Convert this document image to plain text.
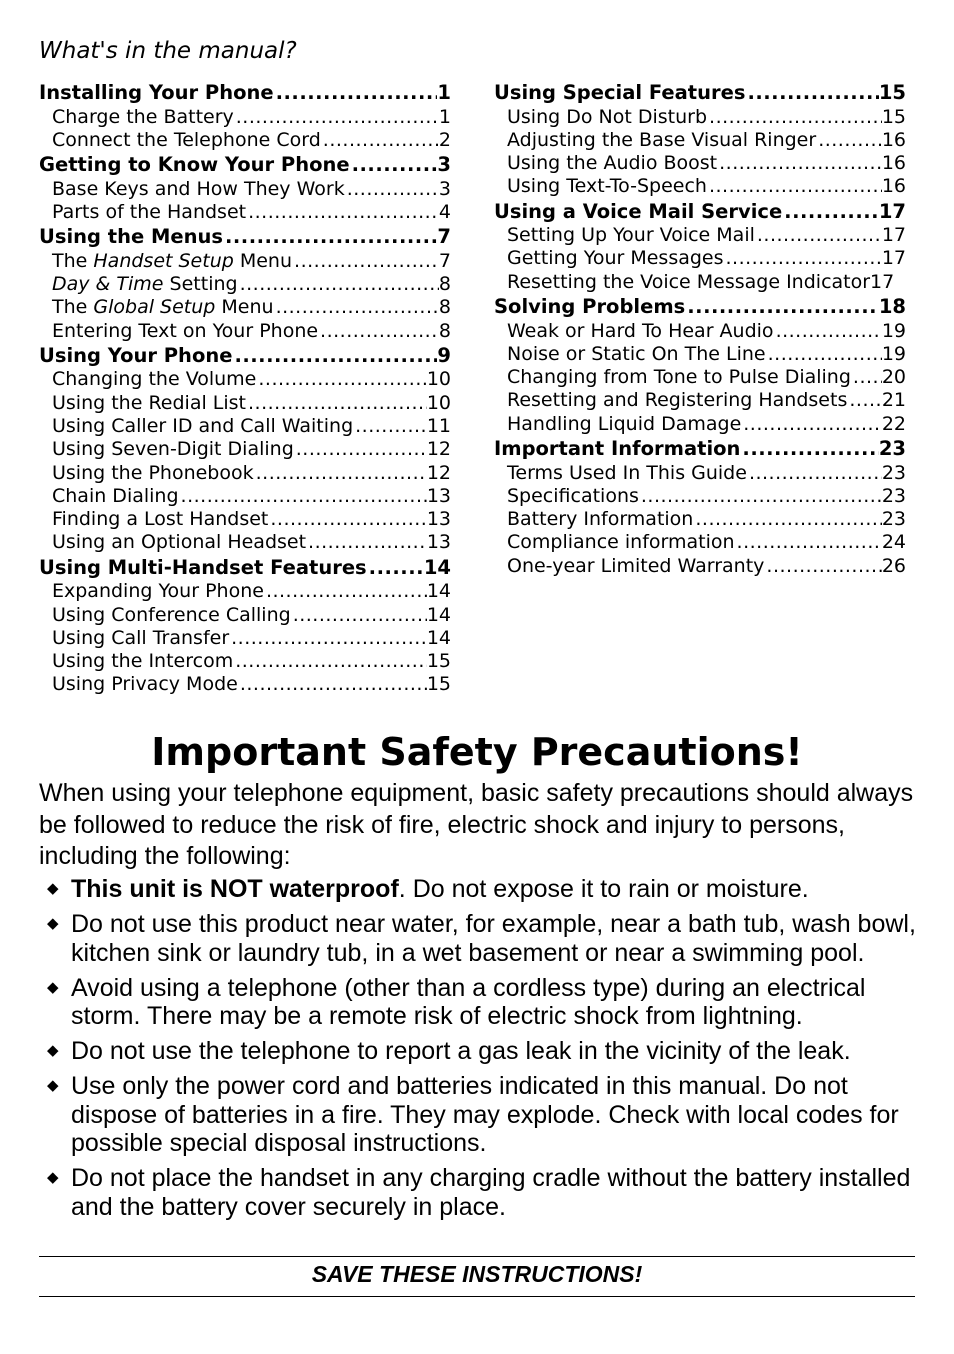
What's in the manual?
Installing Your Phone .....	1
Charge the Battery .....	1
Connect the Telephone Cord .....	2
Getting to Know Your Phone .....	3
Base Keys and How They Work .....	3
Parts of the Handset .....	4
Using the Menus .....	7
The Handset Setup Menu .....	7
Day & Time Setting .....	8
The Global Setup Menu .....	8
Entering Text on Your Phone .....	8
Using Your Phone .....	9
Changing the Volume .....	10
Using the Redial List .....	10
Using Caller ID and Call Waiting .....	11
Using Seven-Digit Dialing .....	12
Using the Phonebook .....	12
Chain Dialing .....	13
Finding a Lost Handset .....	13
Using an Optional Headset .....	13
Using Multi-Handset Features .....	14
Expanding Your Phone .....	14
Using Conference Calling .....	14
Using Call Transfer .....	14
Using the Intercom .....	15
Using Privacy Mode .....	15
Using Special Features .....	15
Using Do Not Disturb .....	15
Adjusting the Base Visual Ringer .....	16
Using the Audio Boost .....	16
Using Text-To-Speech .....	16
Using a Voice Mail Service .....	17
Setting Up Your Voice Mail .....	17
Getting Your Messages .....	17
Resetting the Voice Message Indicator 17
Solving Problems .....	18
Weak or Hard To Hear Audio .....	19
Noise or Static On The Line .....	19
Changing from Tone to Pulse Dialing ..... 20
Resetting and Registering Handsets ..... 21
Handling Liquid Damage .....	22
Important Information .....	23
Terms Used In This Guide .....	23
Specifications .....	23
Battery Information .....	23
Compliance information .....	24
One-year Limited Warranty .....	26
Important Safety Precautions!
When using your telephone equipment, basic safety precautions should always be followed to reduce the risk of fire, electric shock and injury to persons, including the following:
◆ This unit is NOT waterproof. Do not expose it to rain or moisture.
◆ Do not use this product near water, for example, near a bath tub, wash bowl, kitchen sink or laundry tub, in a wet basement or near a swimming pool.
◆ Avoid using a telephone (other than a cordless type) during an electrical storm. There may be a remote risk of electric shock from lightning.
◆ Do not use the telephone to report a gas leak in the vicinity of the leak.
◆ Use only the power cord and batteries indicated in this manual. Do not dispose of batteries in a fire. They may explode. Check with local codes for possible special disposal instructions.
◆ Do not place the handset in any charging cradle without the battery installed and the battery cover securely in place.
SAVE THESE INSTRUCTIONS!
